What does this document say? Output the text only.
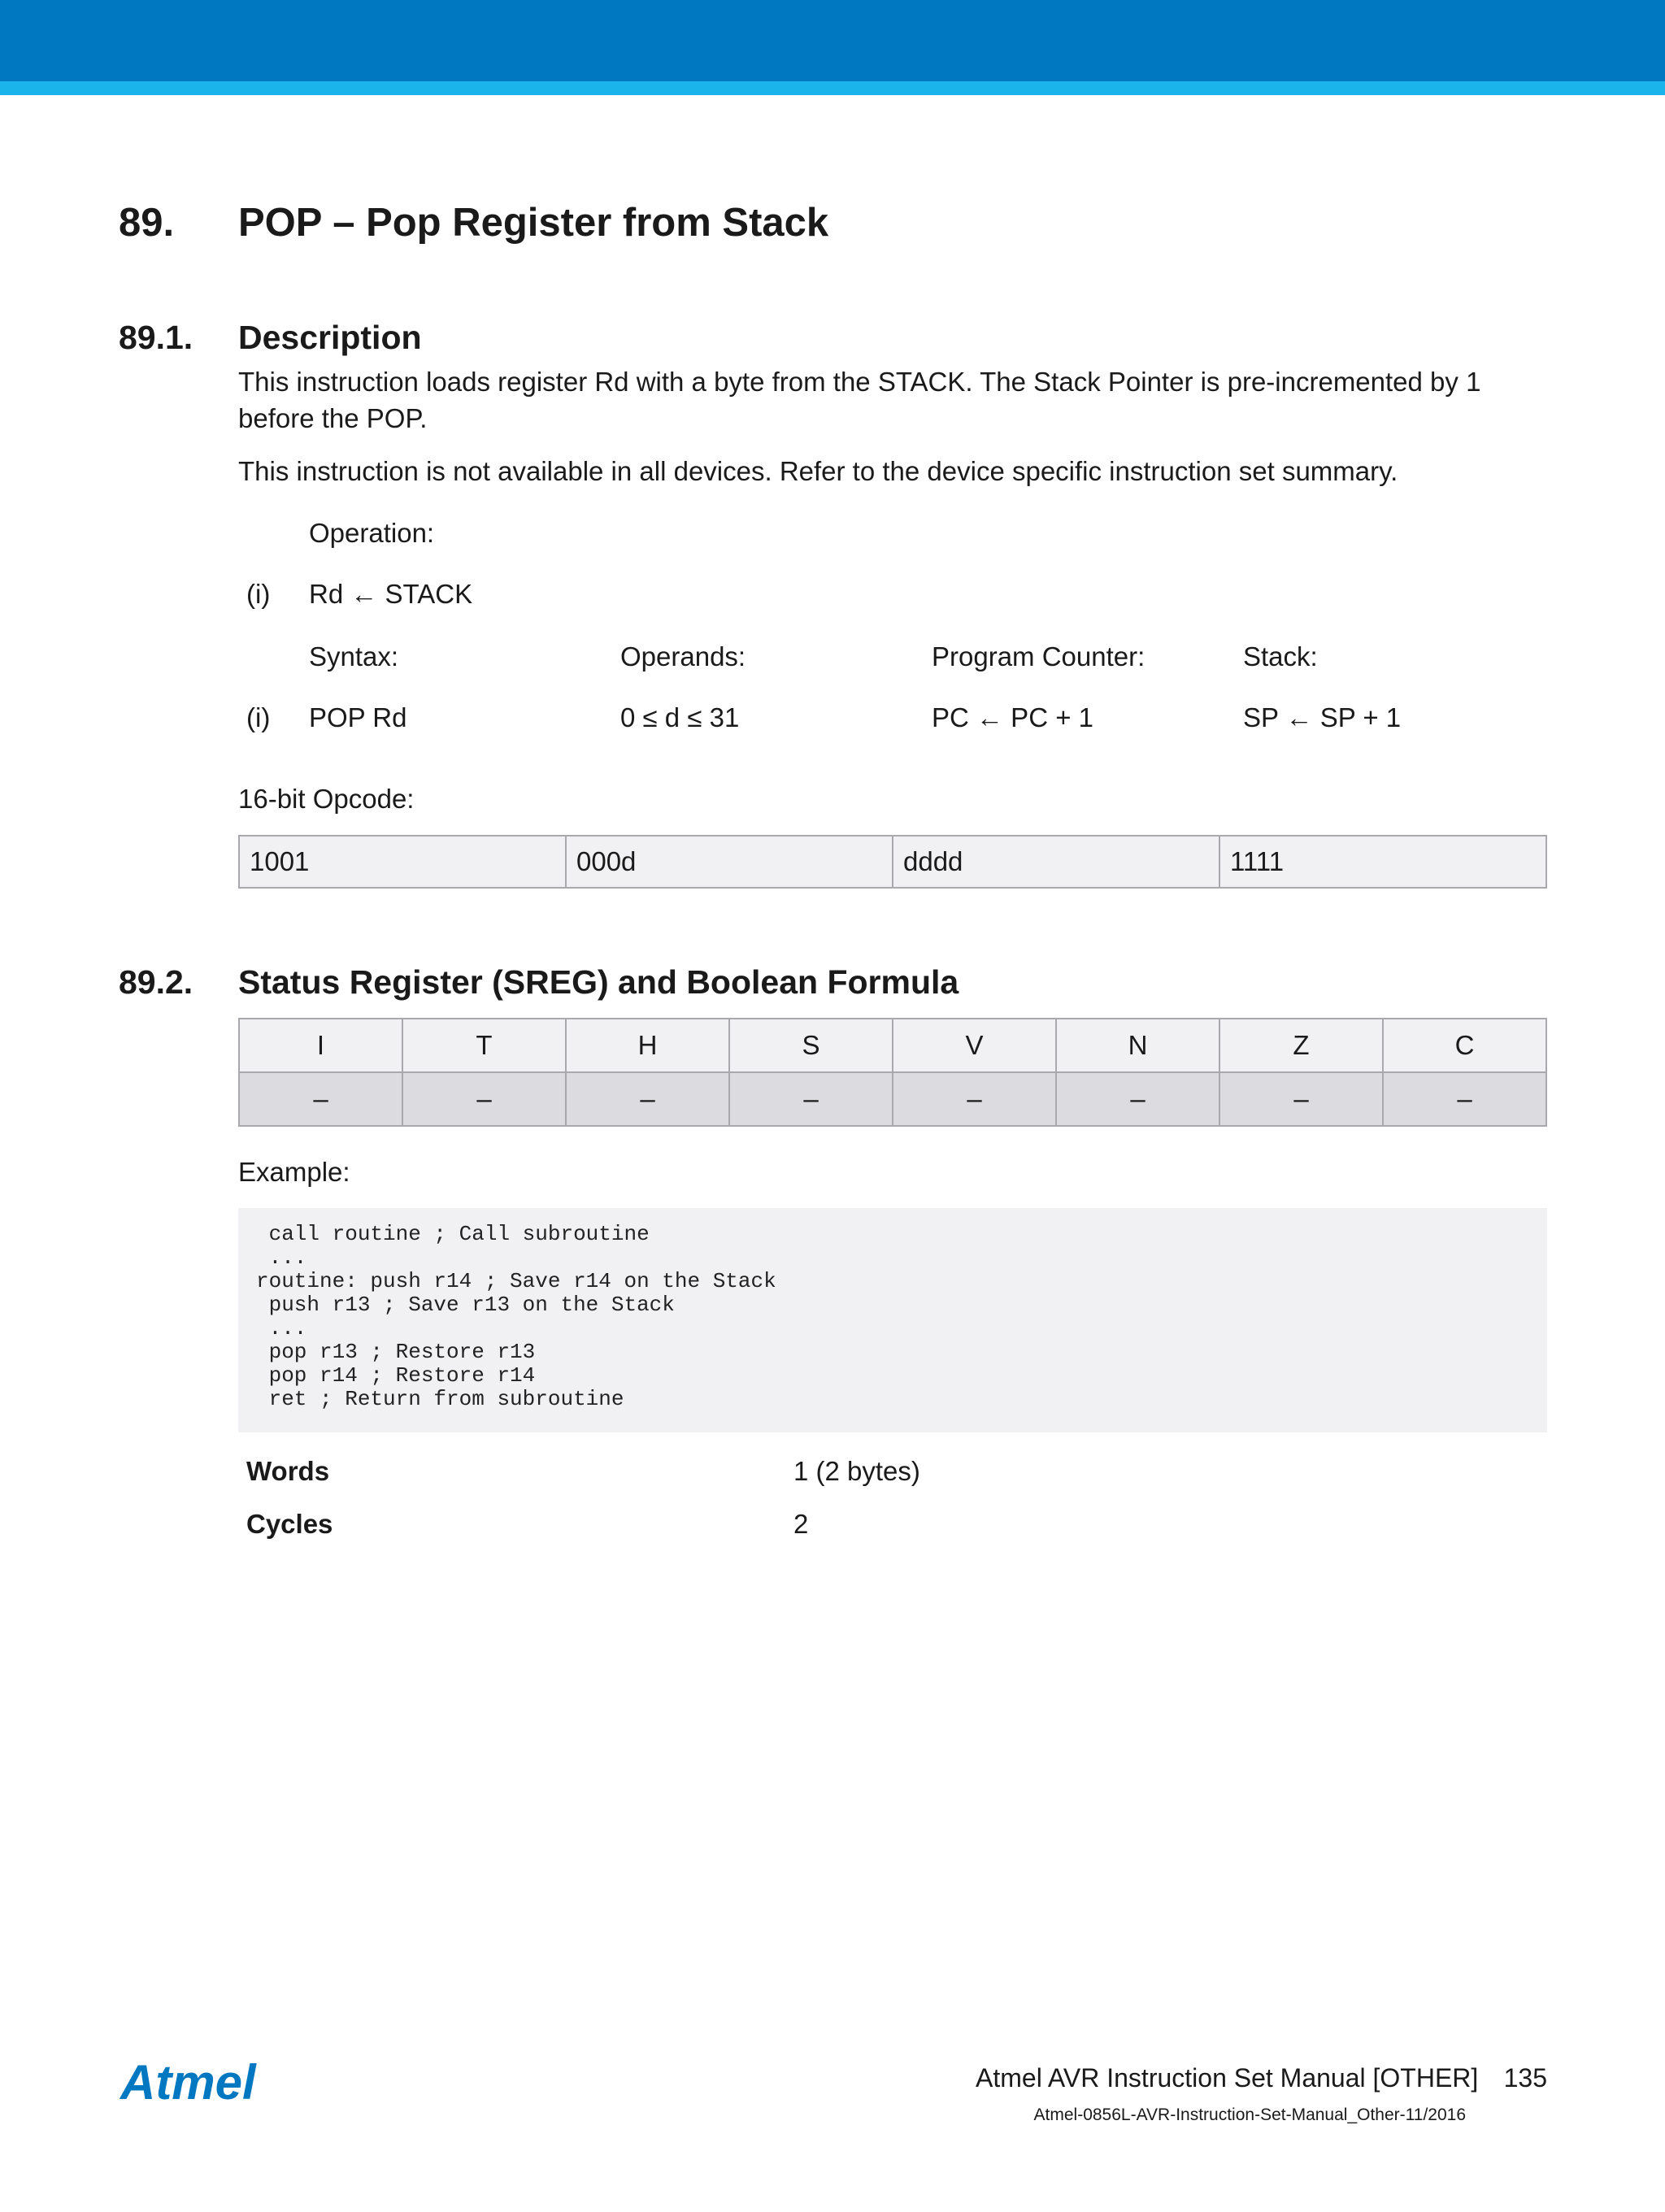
89. POP – Pop Register from Stack
89.1. Description
This instruction loads register Rd with a byte from the STACK. The Stack Pointer is pre-incremented by 1 before the POP.
This instruction is not available in all devices. Refer to the device specific instruction set summary.
Operation:
(i) Rd ← STACK
Syntax:	Operands:	Program Counter:	Stack:
(i) POP Rd	0 ≤ d ≤ 31	PC ← PC + 1	SP ← SP + 1
16-bit Opcode:
1001	000d	dddd	1111
89.2. Status Register (SREG) and Boolean Formula
I	T	H	S	V	N	Z	C
–	–	–	–	–	–	–	–
Example:
call routine ; Call subroutine
...
routine: push r14 ; Save r14 on the Stack
push r13 ; Save r13 on the Stack
...
pop r13 ; Restore r13
pop r14 ; Restore r14
ret ; Return from subroutine
Words	1 (2 bytes)
Cycles	2
Atmel	Atmel AVR Instruction Set Manual [OTHER] 135
Atmel-0856L-AVR-Instruction-Set-Manual_Other-11/2016
